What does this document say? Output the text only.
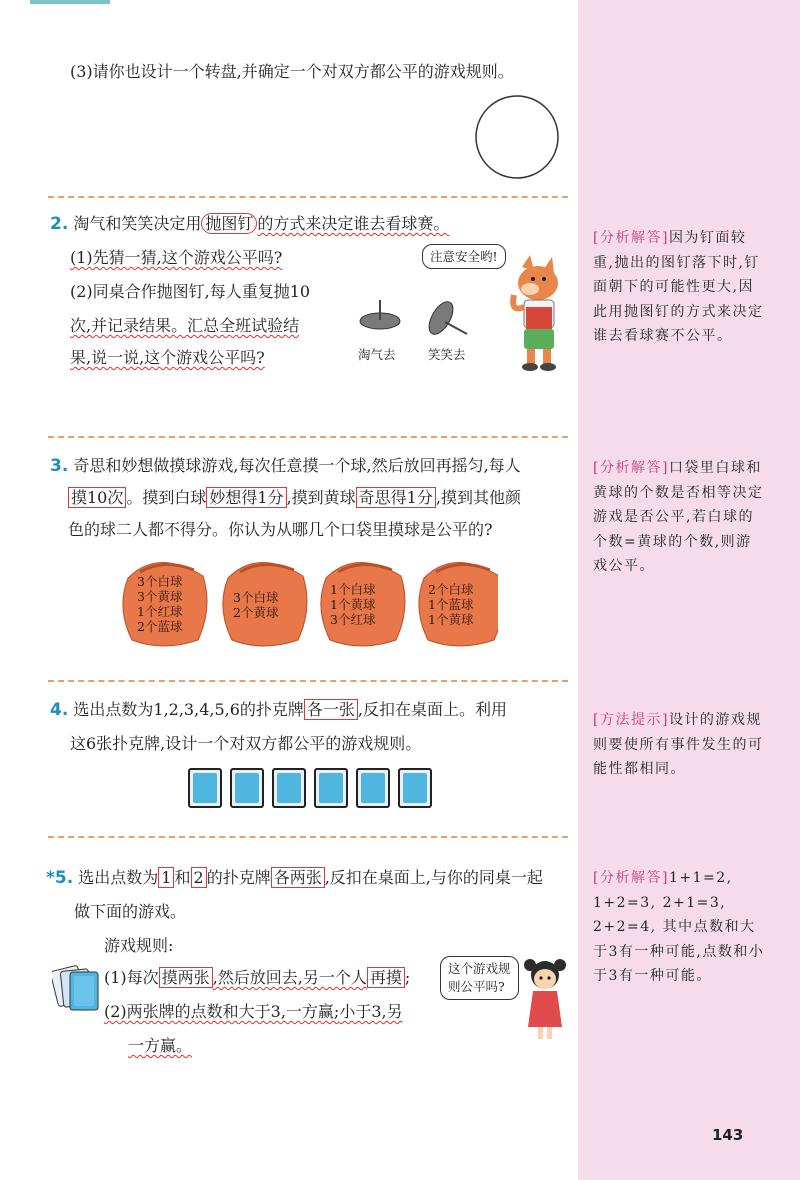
(3)请你也设计一个转盘,并确定一个对双方都公平的游戏规则。
2. 淘气和笑笑决定用 抛图钉 的方式来决定谁去看球赛。
(1)先猜一猜,这个游戏公平吗?
(2)同桌合作抛图钉,每人重复抛10
次,并记录结果。汇总全班试验结
果,说一说,这个游戏公平吗?	淘气去	笑笑去
注意安全哟!
3. 奇思和妙想做摸球游戏,每次任意摸一个球,然后放回再摇匀,每人
摸10次 。摸到白球 妙想得1分 ,摸到黄球 奇思得1分 ,摸到其他颜
色的球二人都不得分。你认为从哪几个口袋里摸球是公平的?
3个白球
3个黄球
1个红球
2个蓝球
3个白球
2个黄球
1个白球
1个黄球
3个红球
2个白球
1个蓝球
1个黄球
4. 选出点数为1,2,3,4,5,6的扑克牌 各一张 ,反扣在桌面上。利用
这6张扑克牌,设计一个对双方都公平的游戏规则。
*5. 选出点数为 1 和 2 的扑克牌 各两张 ,反扣在桌面上,与你的同桌一起
做下面的游戏。
游戏规则:
(1)每次 摸两张 ,然后放回去,另一个人 再摸 ;
(2)两张牌的点数和大于3,一方赢;小于3,另
一方赢。
这个游戏规
则公平吗?
[分析解答]因为钉面较重,抛出的图钉落下时,钉面朝下的可能性更大,因此用抛图钉的方式来决定谁去看球赛不公平。
[分析解答]口袋里白球和黄球的个数是否相等决定游戏是否公平,若白球的个数=黄球的个数,则游戏公平。
[方法提示]设计的游戏规则要使所有事件发生的可能性都相同。
[分析解答]1+1=2, 1+2=3, 2+1=3, 2+2=4, 其中点数和大于3有一种可能,点数和小于3有一种可能。
143
